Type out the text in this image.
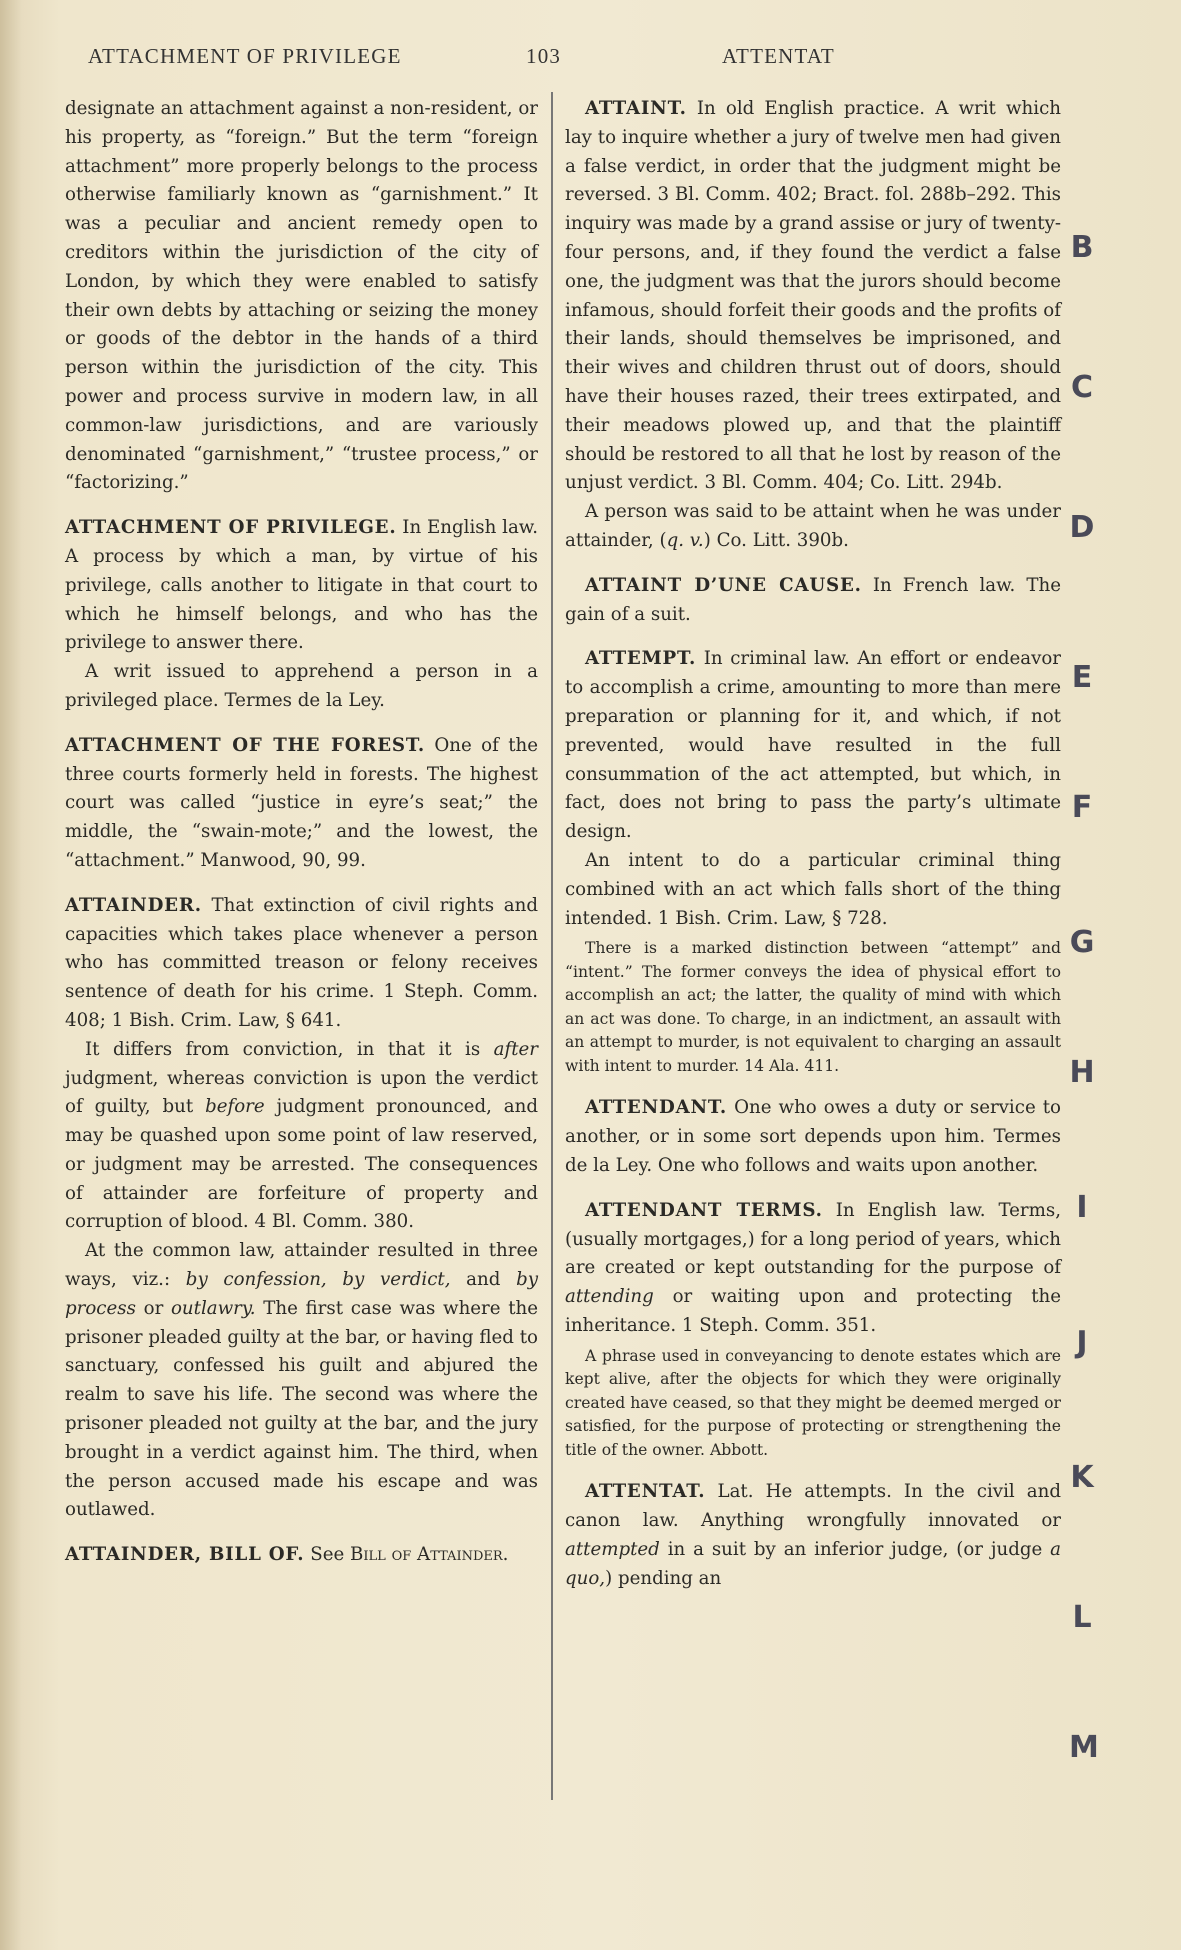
ATTACHMENT OF PRIVILEGE	103	ATTENTAT

designate an attachment against a non-resident, or his property, as “foreign.” But the term “foreign attachment” more properly belongs to the process otherwise familiarly known as “garnishment.” It was a peculiar and ancient remedy open to creditors within the jurisdiction of the city of London, by which they were enabled to satisfy their own debts by attaching or seizing the money or goods of the debtor in the hands of a third person within the jurisdiction of the city. This power and process survive in modern law, in all common-law jurisdictions, and are variously denominated “garnishment,” “trustee process,” or “factorizing.”

ATTACHMENT OF PRIVILEGE. In English law. A process by which a man, by virtue of his privilege, calls another to litigate in that court to which he himself belongs, and who has the privilege to answer there.

A writ issued to apprehend a person in a privileged place. Termes de la Ley.

ATTACHMENT OF THE FOREST. One of the three courts formerly held in forests. The highest court was called “justice in eyre’s seat;” the middle, the “swain-mote;” and the lowest, the “attachment.” Manwood, 90, 99.

ATTAINDER. That extinction of civil rights and capacities which takes place whenever a person who has committed treason or felony receives sentence of death for his crime. 1 Steph. Comm. 408; 1 Bish. Crim. Law, § 641.

It differs from conviction, in that it is after judgment, whereas conviction is upon the verdict of guilty, but before judgment pronounced, and may be quashed upon some point of law reserved, or judgment may be arrested. The consequences of attainder are forfeiture of property and corruption of blood. 4 Bl. Comm. 380.

At the common law, attainder resulted in three ways, viz.: by confession, by verdict, and by process or outlawry. The first case was where the prisoner pleaded guilty at the bar, or having fled to sanctuary, confessed his guilt and abjured the realm to save his life. The second was where the prisoner pleaded not guilty at the bar, and the jury brought in a verdict against him. The third, when the person accused made his escape and was outlawed.

ATTAINDER, BILL OF. See Bill of Attainder.

ATTAINT. In old English practice. A writ which lay to inquire whether a jury of twelve men had given a false verdict, in order that the judgment might be reversed. 3 Bl. Comm. 402; Bract. fol. 288b–292. This inquiry was made by a grand assise or jury of twenty-four persons, and, if they found the verdict a false one, the judgment was that the jurors should become infamous, should forfeit their goods and the profits of their lands, should themselves be imprisoned, and their wives and children thrust out of doors, should have their houses razed, their trees extirpated, and their meadows plowed up, and that the plaintiff should be restored to all that he lost by reason of the unjust verdict. 3 Bl. Comm. 404; Co. Litt. 294b.

A person was said to be attaint when he was under attainder, (q. v.) Co. Litt. 390b.

ATTAINT D’UNE CAUSE. In French law. The gain of a suit.

ATTEMPT. In criminal law. An effort or endeavor to accomplish a crime, amounting to more than mere preparation or planning for it, and which, if not prevented, would have resulted in the full consummation of the act attempted, but which, in fact, does not bring to pass the party’s ultimate design.

An intent to do a particular criminal thing combined with an act which falls short of the thing intended. 1 Bish. Crim. Law, § 728.

There is a marked distinction between “attempt” and “intent.” The former conveys the idea of physical effort to accomplish an act; the latter, the quality of mind with which an act was done. To charge, in an indictment, an assault with an attempt to murder, is not equivalent to charging an assault with intent to murder. 14 Ala. 411.

ATTENDANT. One who owes a duty or service to another, or in some sort depends upon him. Termes de la Ley. One who follows and waits upon another.

ATTENDANT TERMS. In English law. Terms, (usually mortgages,) for a long period of years, which are created or kept outstanding for the purpose of attending or waiting upon and protecting the inheritance. 1 Steph. Comm. 351.

A phrase used in conveyancing to denote estates which are kept alive, after the objects for which they were originally created have ceased, so that they might be deemed merged or satisfied, for the purpose of protecting or strengthening the title of the owner. Abbott.

ATTENTAT. Lat. He attempts. In the civil and canon law. Anything wrongfully innovated or attempted in a suit by an inferior judge, (or judge a quo,) pending an

B
C
D
E
F
G
H
I
J
K
L
M
